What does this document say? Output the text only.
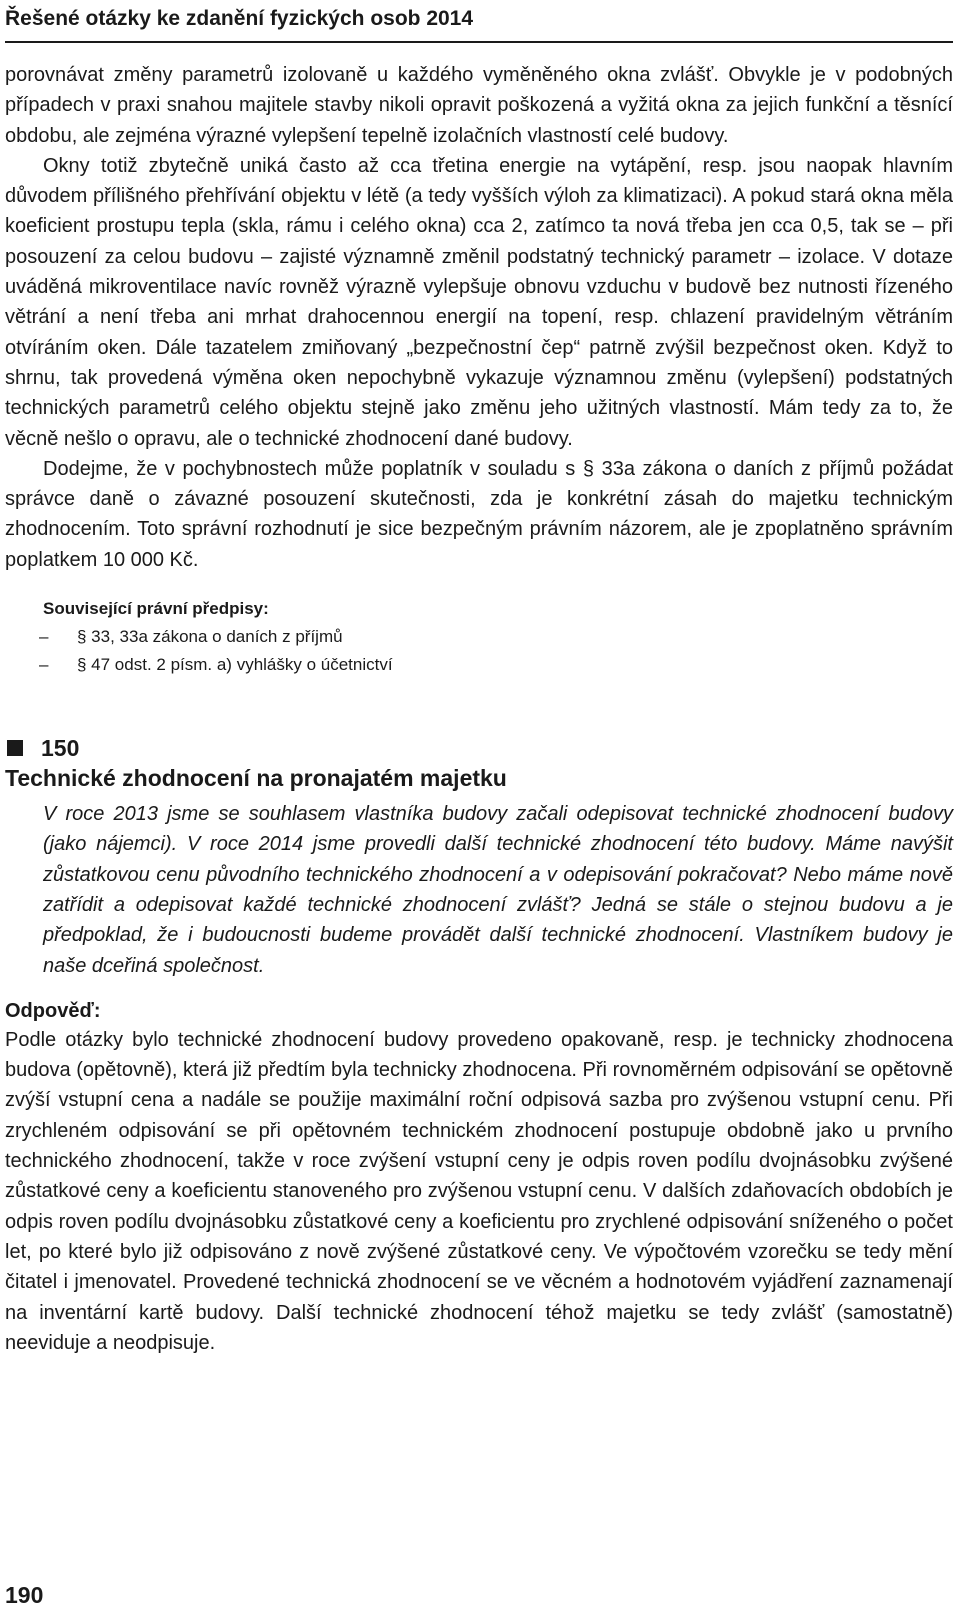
Řešené otázky ke zdanění fyzických osob 2014

porovnávat změny parametrů izolovaně u každého vyměněného okna zvlášť. Obvykle je v podobných případech v praxi snahou majitele stavby nikoli opravit poškozená a vyžitá okna za jejich funkční a těsnící obdobu, ale zejména výrazné vylepšení tepelně izolačních vlastností celé budovy.

Okny totiž zbytečně uniká často až cca třetina energie na vytápění, resp. jsou naopak hlavním důvodem přílišného přehřívání objektu v létě (a tedy vyšších výloh za klimatizaci). A pokud stará okna měla koeficient prostupu tepla (skla, rámu i celého okna) cca 2, zatímco ta nová třeba jen cca 0,5, tak se – při posouzení za celou budovu – zajisté významně změnil podstatný technický parametr – izolace. V dotaze uváděná mikroventilace navíc rovněž výrazně vylepšuje obnovu vzduchu v budově bez nutnosti řízeného větrání a není třeba ani mrhat drahocennou energií na topení, resp. chlazení pravidelným větráním otvíráním oken. Dále tazatelem zmiňovaný „bezpečnostní čep“ patrně zvýšil bezpečnost oken. Když to shrnu, tak provedená výměna oken nepochybně vykazuje významnou změnu (vylepšení) podstatných technických parametrů celého objektu stejně jako změnu jeho užitných vlastností. Mám tedy za to, že věcně nešlo o opravu, ale o technické zhodnocení dané budovy.

Dodejme, že v pochybnostech může poplatník v souladu s § 33a zákona o daních z příjmů požádat správce daně o závazné posouzení skutečnosti, zda je konkrétní zásah do majetku technickým zhodnocením. Toto správní rozhodnutí je sice bezpečným právním názorem, ale je zpoplatněno správním poplatkem 10 000 Kč.

Související právní předpisy:
– § 33, 33a zákona o daních z příjmů
– § 47 odst. 2 písm. a) vyhlášky o účetnictví
150
Technické zhodnocení na pronajatém majetku

V roce 2013 jsme se souhlasem vlastníka budovy začali odepisovat technické zhodnocení budovy (jako nájemci). V roce 2014 jsme provedli další technické zhodnocení této budovy. Máme navýšit zůstatkovou cenu původního technického zhodnocení a v odepisování pokračovat? Nebo máme nově zatřídit a odepisovat každé technické zhodnocení zvlášť? Jedná se stále o stejnou budovu a je předpoklad, že i budoucnosti budeme provádět další technické zhodnocení. Vlastníkem budovy je naše dceřiná společnost.

Odpověď:

Podle otázky bylo technické zhodnocení budovy provedeno opakovaně, resp. je technicky zhodnocena budova (opětovně), která již předtím byla technicky zhodnocena. Při rovnoměrném odpisování se opětovně zvýší vstupní cena a nadále se použije maximální roční odpisová sazba pro zvýšenou vstupní cenu. Při zrychleném odpisování se při opětovném technickém zhodnocení postupuje obdobně jako u prvního technického zhodnocení, takže v roce zvýšení vstupní ceny je odpis roven podílu dvojnásobku zvýšené zůstatkové ceny a koeficientu stanoveného pro zvýšenou vstupní cenu. V dalších zdaňovacích obdobích je odpis roven podílu dvojnásobku zůstatkové ceny a koeficientu pro zrychlené odpisování sníženého o počet let, po které bylo již odpisováno z nově zvýšené zůstatkové ceny. Ve výpočtovém vzorečku se tedy mění čitatel i jmenovatel. Provedené technická zhodnocení se ve věcném a hodnotovém vyjádření zaznamenají na inventární kartě budovy. Další technické zhodnocení téhož majetku se tedy zvlášť (samostatně) neeviduje a neodpisuje.

190
